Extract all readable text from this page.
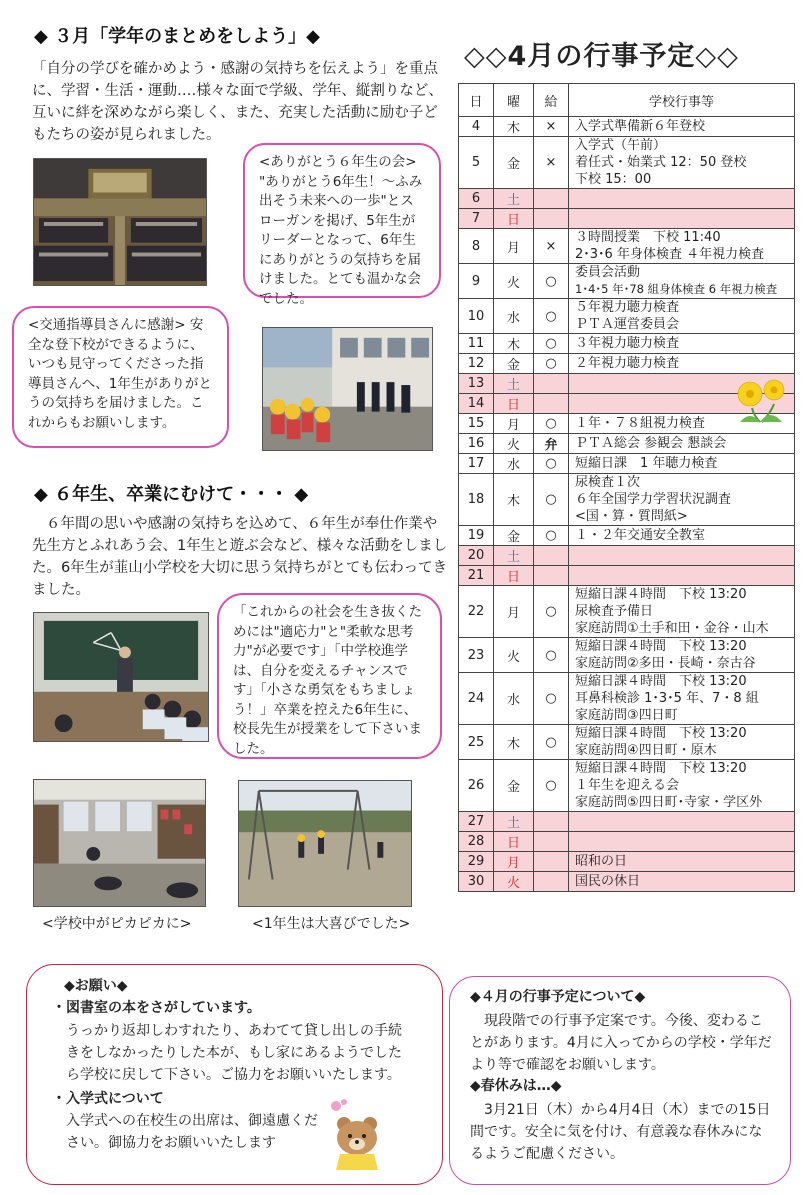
◆ ３月「学年のまとめをしよう」◆
「自分の学びを確かめよう・感謝の気持ちを伝えよう」を重点に、学習・生活・運動‥‥様々な面で学級、学年、縦割りなど、互いに絆を深めながら楽しく、また、充実した活動に励む子どもたちの姿が見られました。
<ありがとう６年生の会> "ありがとう6年生！～ふみ出そう未来への一歩"とスローガンを掲げ、5年生がリーダーとなって、6年生にありがとうの気持ちを届けました。とても温かな会でした。
<交通指導員さんに感謝> 安全な登下校ができるように、いつも見守ってくださった指導員さんへ、1年生がありがとうの気持ちを届けました。これからもお願いします。
◆ ６年生、卒業にむけて・・・ ◆
６年間の思いや感謝の気持ちを込めて、６年生が奉仕作業や先生方とふれあう会、1年生と遊ぶ会など、様々な活動をしました。6年生が韮山小学校を大切に思う気持ちがとても伝わってきました。
「これからの社会を生き抜くためには"適応力"と"柔軟な思考力"が必要です」「中学校進学は、自分を変えるチャンスです」「小さな勇気をもちましょう！」卒業を控えた6年生に、校長先生が授業をして下さいました。
<学校中がピカピカに>	<1年生は大喜びでした>
◇◇4月の行事予定◇◇
日	曜	給	学校行事等
4	木	×	入学式準備新６年登校

5	金	×	入学式（午前）
着任式・始業式 12：50 登校
下校 15：00

6	土		
7	日		
8	月	×	３時間授業　下校 11:40
2･3･6 年身体検査 ４年視力検査

9	火	○	委員会活動
1･4･5 年･78 組身体検査 6 年視力検査

10	水	○	５年視力聴力検査
ＰＴＡ運営委員会

11	木	○	３年視力聴力検査

12	金	○	２年視力聴力検査

13	土		
14	日		
15	月	○	１年・７８組視力検査

16	火	弁	ＰＴＡ総会 参観会 懇談会

17	水	○	短縮日課　1 年聴力検査

18	木	○	尿検査１次
６年全国学力学習状況調査
<国・算・質問紙>

19	金	○	１・２年交通安全教室

20	土		
21	日		
22	月	○	短縮日課４時間　下校 13:20
尿検査予備日
家庭訪問①土手和田・金谷・山木

23	火	○	短縮日課４時間　下校 13:20
家庭訪問②多田・長崎・奈古谷

24	水	○	短縮日課４時間　下校 13:20
耳鼻科検診 1･3･5 年、7・8 組
家庭訪問③四日町

25	木	○	短縮日課４時間　下校 13:20
家庭訪問④四日町・原木

26	金	○	短縮日課４時間　下校 13:20
１年生を迎える会
家庭訪問⑤四日町･寺家・学区外

27	土		
28	日		
29	月		昭和の日

30	火		国民の休日
◆お願い◆
・図書室の本をさがしています。
うっかり返却しわすれたり、あわてて貸し出しの手続きをしなかったりした本が、もし家にあるようでしたら学校に戻して下さい。ご協力をお願いいたします。
・入学式について
入学式への在校生の出席は、御遠慮ください。御協力をお願いいたします
◆４月の行事予定について◆
現段階での行事予定案です。今後、変わることがあります。4月に入ってからの学校・学年だより等で確認をお願いします。
◆春休みは…◆
3月21日（木）から4月4日（木）までの15日間です。安全に気を付け、有意義な春休みになるようご配慮ください。
